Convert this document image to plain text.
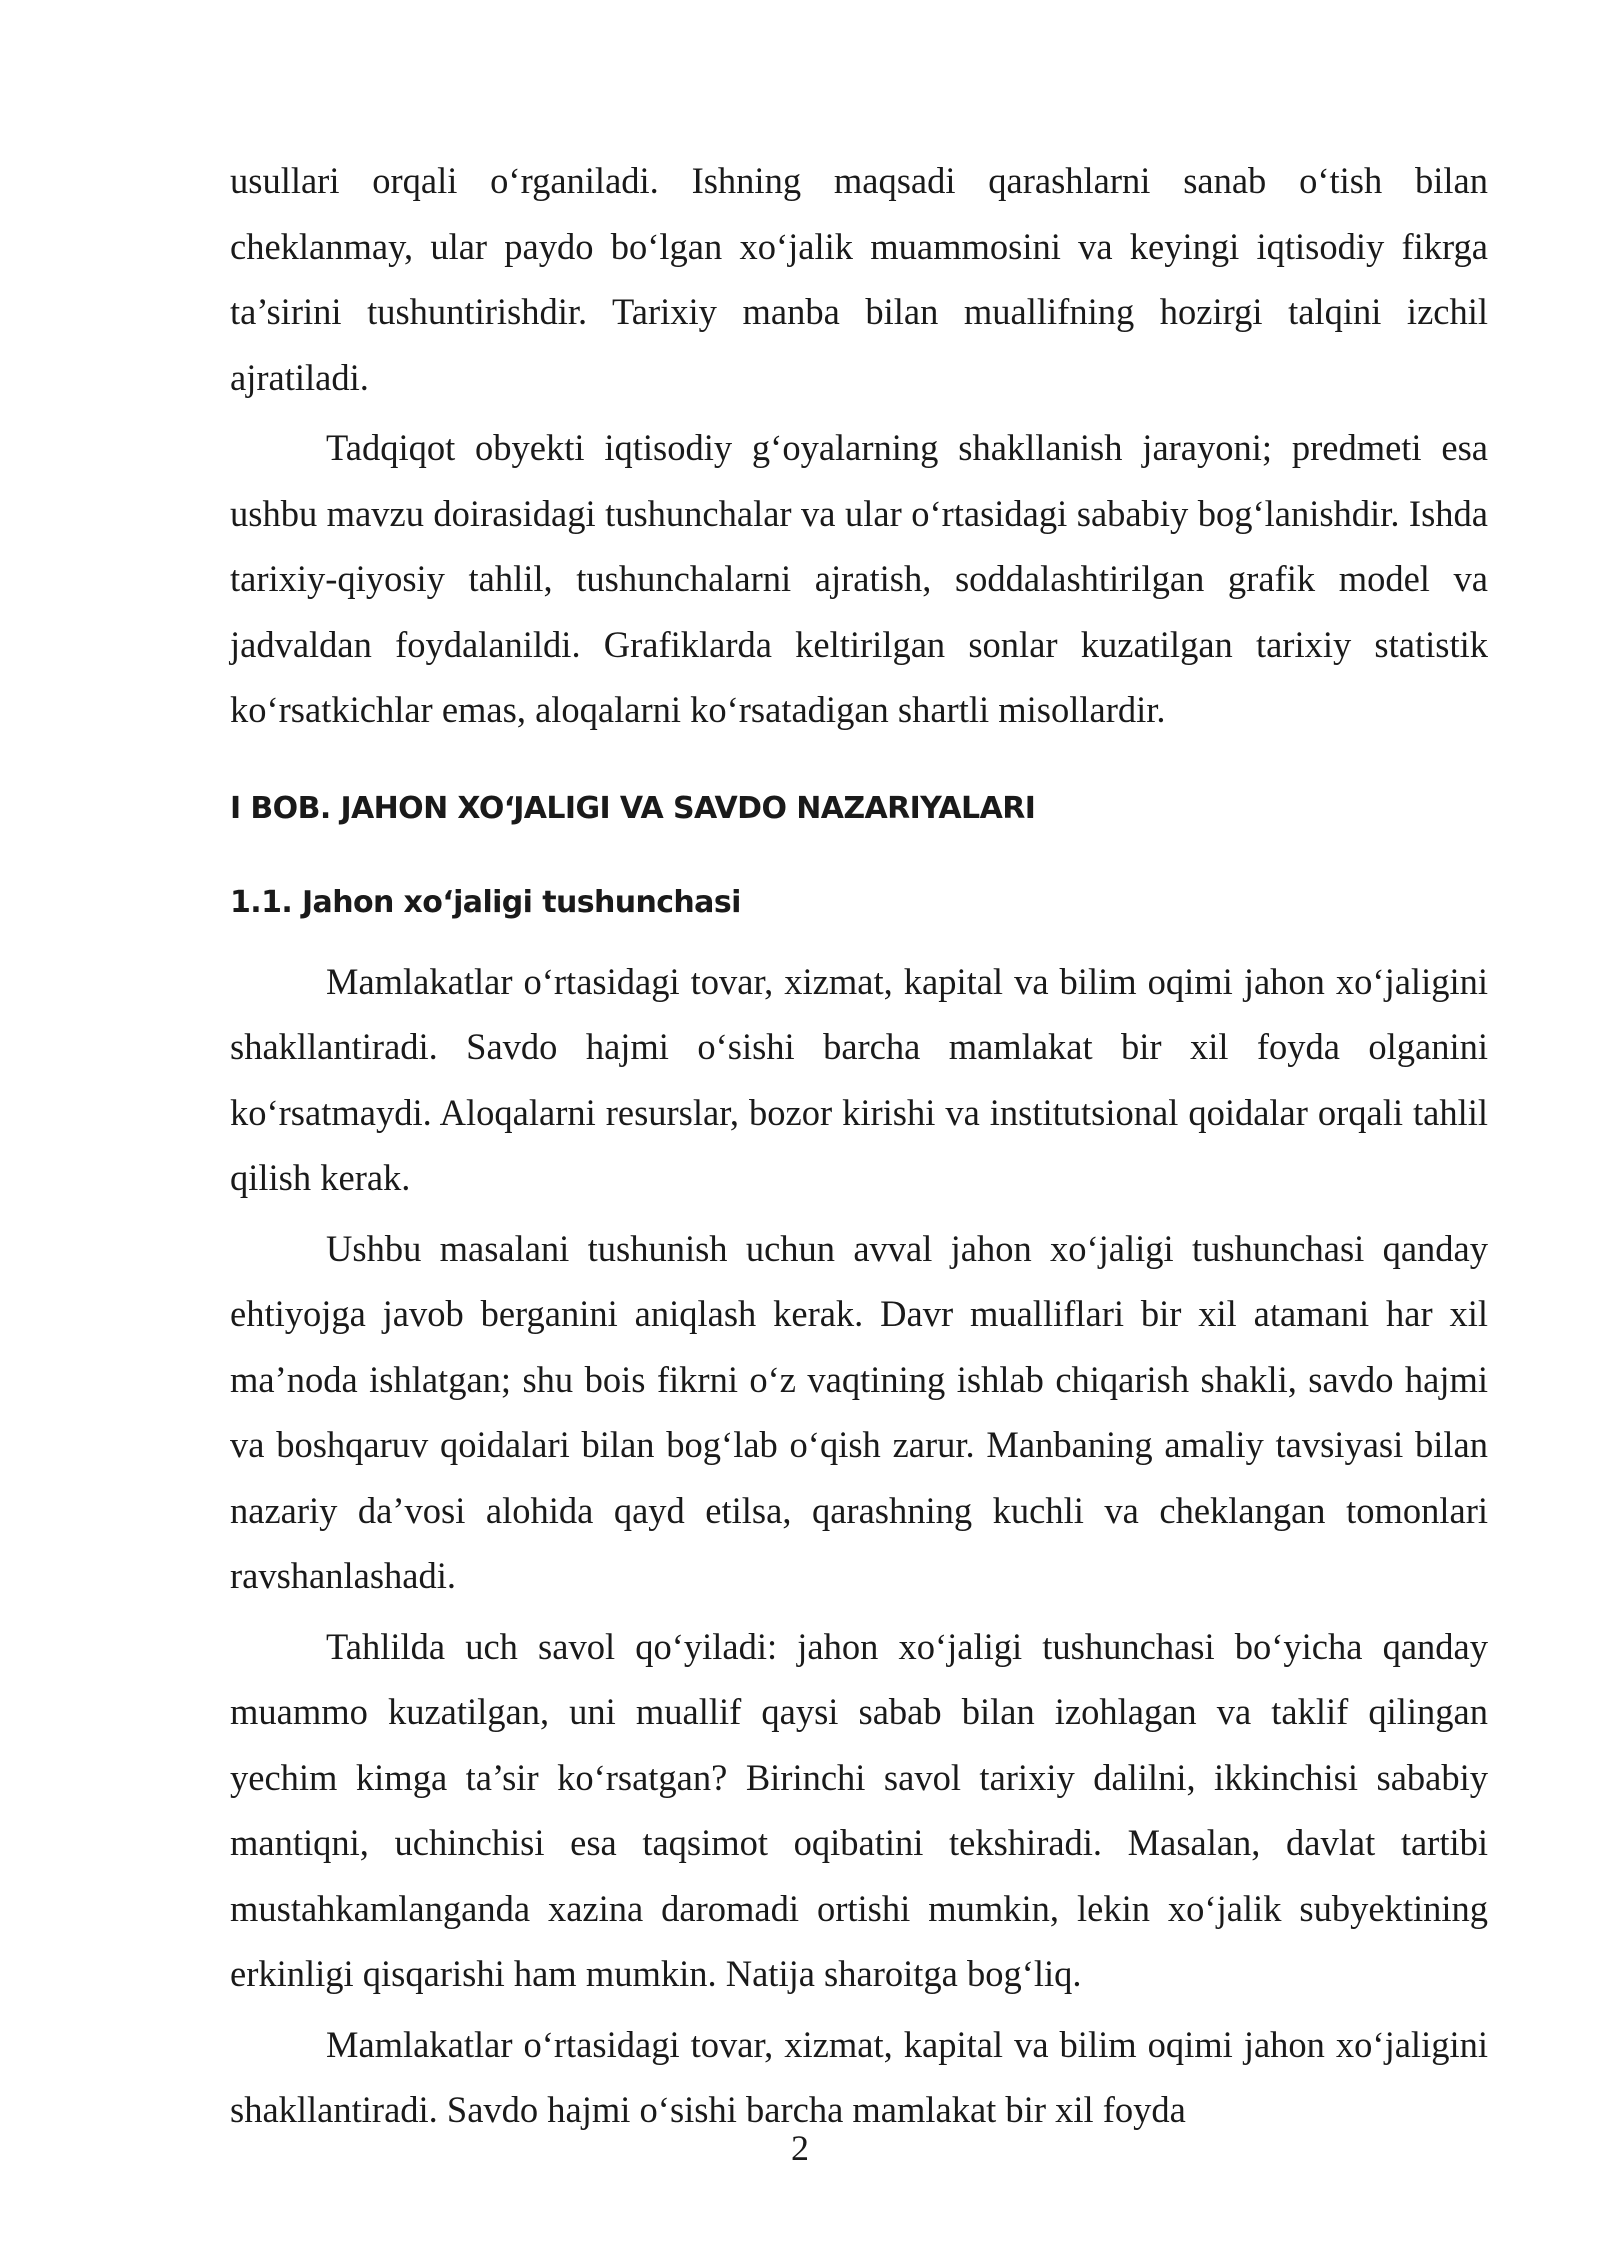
usullari orqali o‘rganiladi. Ishning maqsadi qarashlarni sanab o‘tish bilan cheklanmay, ular paydo bo‘lgan xo‘jalik muammosini va keyingi iqtisodiy fikrga ta’sirini tushuntirishdir. Tarixiy manba bilan muallifning hozirgi talqini izchil ajratiladi.

Tadqiqot obyekti iqtisodiy g‘oyalarning shakllanish jarayoni; predmeti esa ushbu mavzu doirasidagi tushunchalar va ular o‘rtasidagi sababiy bog‘lanishdir. Ishda tarixiy-qiyosiy tahlil, tushunchalarni ajratish, soddalashtirilgan grafik model va jadvaldan foydalanildi. Grafiklarda keltirilgan sonlar kuzatilgan tarixiy statistik ko‘rsatkichlar emas, aloqalarni ko‘rsatadigan shartli misollardir.

I BOB. JAHON XO‘JALIGI VA SAVDO NAZARIYALARI
1.1. Jahon xo‘jaligi tushunchasi

Mamlakatlar o‘rtasidagi tovar, xizmat, kapital va bilim oqimi jahon xo‘jaligini shakllantiradi. Savdo hajmi o‘sishi barcha mamlakat bir xil foyda olganini ko‘rsatmaydi. Aloqalarni resurslar, bozor kirishi va institutsional qoidalar orqali tahlil qilish kerak.

Ushbu masalani tushunish uchun avval jahon xo‘jaligi tushunchasi qanday ehtiyojga javob berganini aniqlash kerak. Davr mualliflari bir xil atamani har xil ma’noda ishlatgan; shu bois fikrni o‘z vaqtining ishlab chiqarish shakli, savdo hajmi va boshqaruv qoidalari bilan bog‘lab o‘qish zarur. Manbaning amaliy tavsiyasi bilan nazariy da’vosi alohida qayd etilsa, qarashning kuchli va cheklangan tomonlari ravshanlashadi.

Tahlilda uch savol qo‘yiladi: jahon xo‘jaligi tushunchasi bo‘yicha qanday muammo kuzatilgan, uni muallif qaysi sabab bilan izohlagan va taklif qilingan yechim kimga ta’sir ko‘rsatgan? Birinchi savol tarixiy dalilni, ikkinchisi sababiy mantiqni, uchinchisi esa taqsimot oqibatini tekshiradi. Masalan, davlat tartibi mustahkamlanganda xazina daromadi ortishi mumkin, lekin xo‘jalik subyektining erkinligi qisqarishi ham mumkin. Natija sharoitga bog‘liq.

Mamlakatlar o‘rtasidagi tovar, xizmat, kapital va bilim oqimi jahon xo‘jaligini shakllantiradi. Savdo hajmi o‘sishi barcha mamlakat bir xil foyda

2
